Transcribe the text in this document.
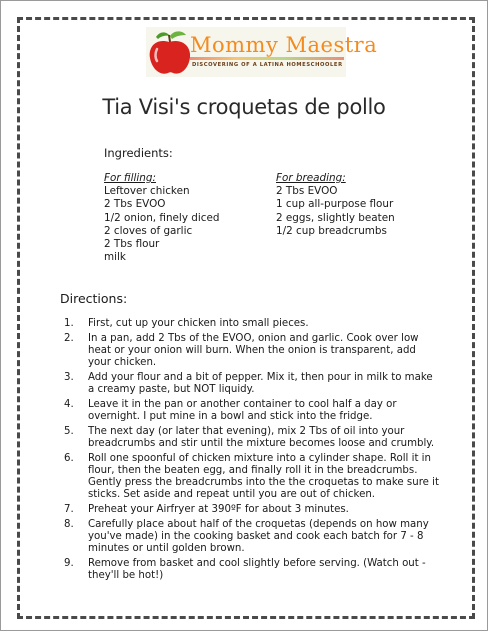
Mommy Maestra
DISCOVERING OF A LATINA HOMESCHOOLER
Tia Visi's croquetas de pollo
Ingredients:
For filling:
Leftover chicken
2 Tbs EVOO
1/2 onion, finely diced
2 cloves of garlic
2 Tbs flour
milk
For breading:
2 Tbs EVOO
1 cup all-purpose flour
2 eggs, slightly beaten
1/2 cup breadcrumbs
Directions:
1. First, cut up your chicken into small pieces.
2. In a pan, add 2 Tbs of the EVOO, onion and garlic. Cook over low heat or your onion will burn. When the onion is transparent, add your chicken.
3. Add your flour and a bit of pepper. Mix it, then pour in milk to make a creamy paste, but NOT liquidy.
4. Leave it in the pan or another container to cool half a day or overnight. I put mine in a bowl and stick into the fridge.
5. The next day (or later that evening), mix 2 Tbs of oil into your breadcrumbs and stir until the mixture becomes loose and crumbly.
6. Roll one spoonful of chicken mixture into a cylinder shape. Roll it in flour, then the beaten egg, and finally roll it in the breadcrumbs. Gently press the breadcrumbs into the the croquetas to make sure it sticks. Set aside and repeat until you are out of chicken.
7. Preheat your Airfryer at 390ºF for about 3 minutes.
8. Carefully place about half of the croquetas (depends on how many you've made) in the cooking basket and cook each batch for 7 - 8 minutes or until golden brown.
9. Remove from basket and cool slightly before serving. (Watch out - they'll be hot!)
